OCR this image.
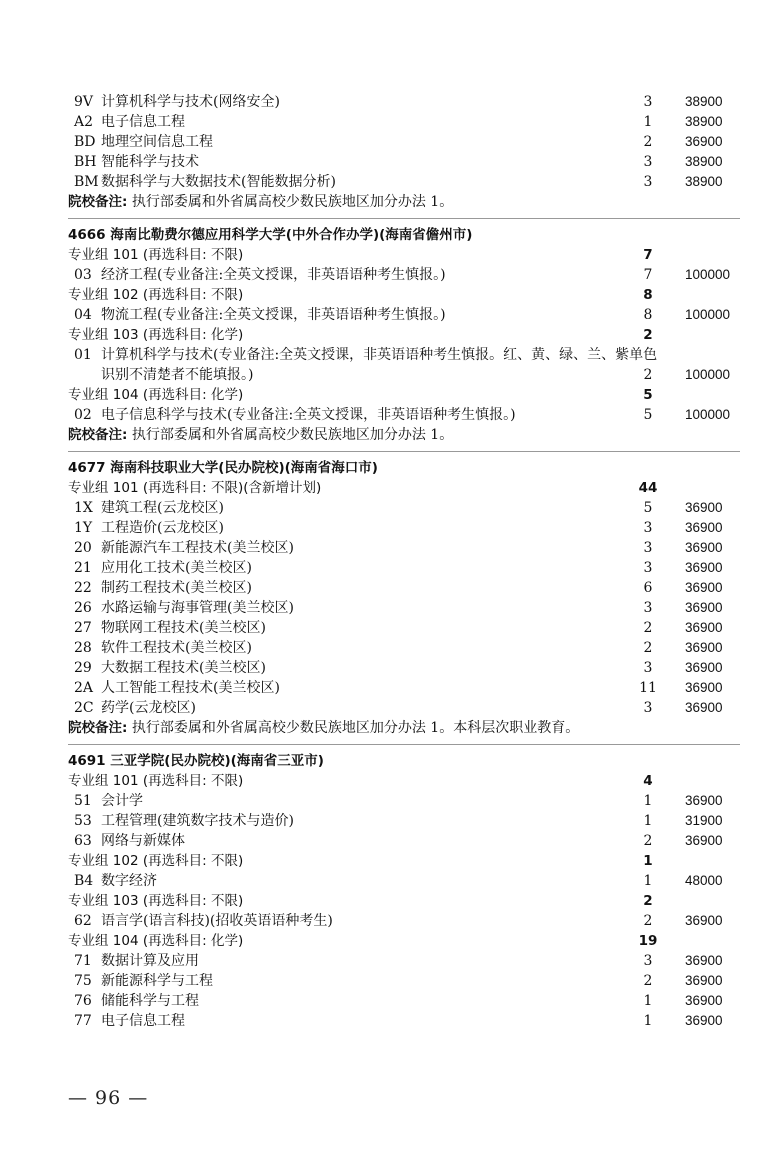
9V 计算机科学与技术(网络安全)	3	38900
A2 电子信息工程	1	38900
BD 地理空间信息工程	2	36900
BH 智能科学与技术	3	38900
BM 数据科学与大数据技术(智能数据分析)	3	38900
院校备注: 执行部委属和外省属高校少数民族地区加分办法 1。
4666 海南比勒费尔德应用科学大学(中外合作办学)(海南省儋州市)
专业组 101 (再选科目: 不限)	7
03 经济工程(专业备注:全英文授课，非英语语种考生慎报。)	7	100000
专业组 102 (再选科目: 不限)	8
04 物流工程(专业备注:全英文授课，非英语语种考生慎报。)	8	100000
专业组 103 (再选科目: 化学)	2
01 计算机科学与技术(专业备注:全英文授课，非英语语种考生慎报。红、黄、绿、兰、紫单色识别不清楚者不能填报。)	2	100000
专业组 104 (再选科目: 化学)	5
02 电子信息科学与技术(专业备注:全英文授课，非英语语种考生慎报。)	5	100000
院校备注: 执行部委属和外省属高校少数民族地区加分办法 1。
4677 海南科技职业大学(民办院校)(海南省海口市)
专业组 101 (再选科目: 不限)(含新增计划)	44
1X 建筑工程(云龙校区)	5	36900
1Y 工程造价(云龙校区)	3	36900
20 新能源汽车工程技术(美兰校区)	3	36900
21 应用化工技术(美兰校区)	3	36900
22 制药工程技术(美兰校区)	6	36900
26 水路运输与海事管理(美兰校区)	3	36900
27 物联网工程技术(美兰校区)	2	36900
28 软件工程技术(美兰校区)	2	36900
29 大数据工程技术(美兰校区)	3	36900
2A 人工智能工程技术(美兰校区)	11 36900
2C 药学(云龙校区)	3	36900
院校备注: 执行部委属和外省属高校少数民族地区加分办法 1。本科层次职业教育。
4691 三亚学院(民办院校)(海南省三亚市)
专业组 101 (再选科目: 不限)	4
51 会计学	1	36900
53 工程管理(建筑数字技术与造价)	1	31900
63 网络与新媒体	2	36900
专业组 102 (再选科目: 不限)	1
B4 数字经济	1	48000
专业组 103 (再选科目: 不限)	2
62 语言学(语言科技)(招收英语语种考生)	2	36900
专业组 104 (再选科目: 化学)	19
71 数据计算及应用	3	36900
75 新能源科学与工程	2	36900
76 储能科学与工程	1	36900
77 电子信息工程	1	36900
— 96 —
